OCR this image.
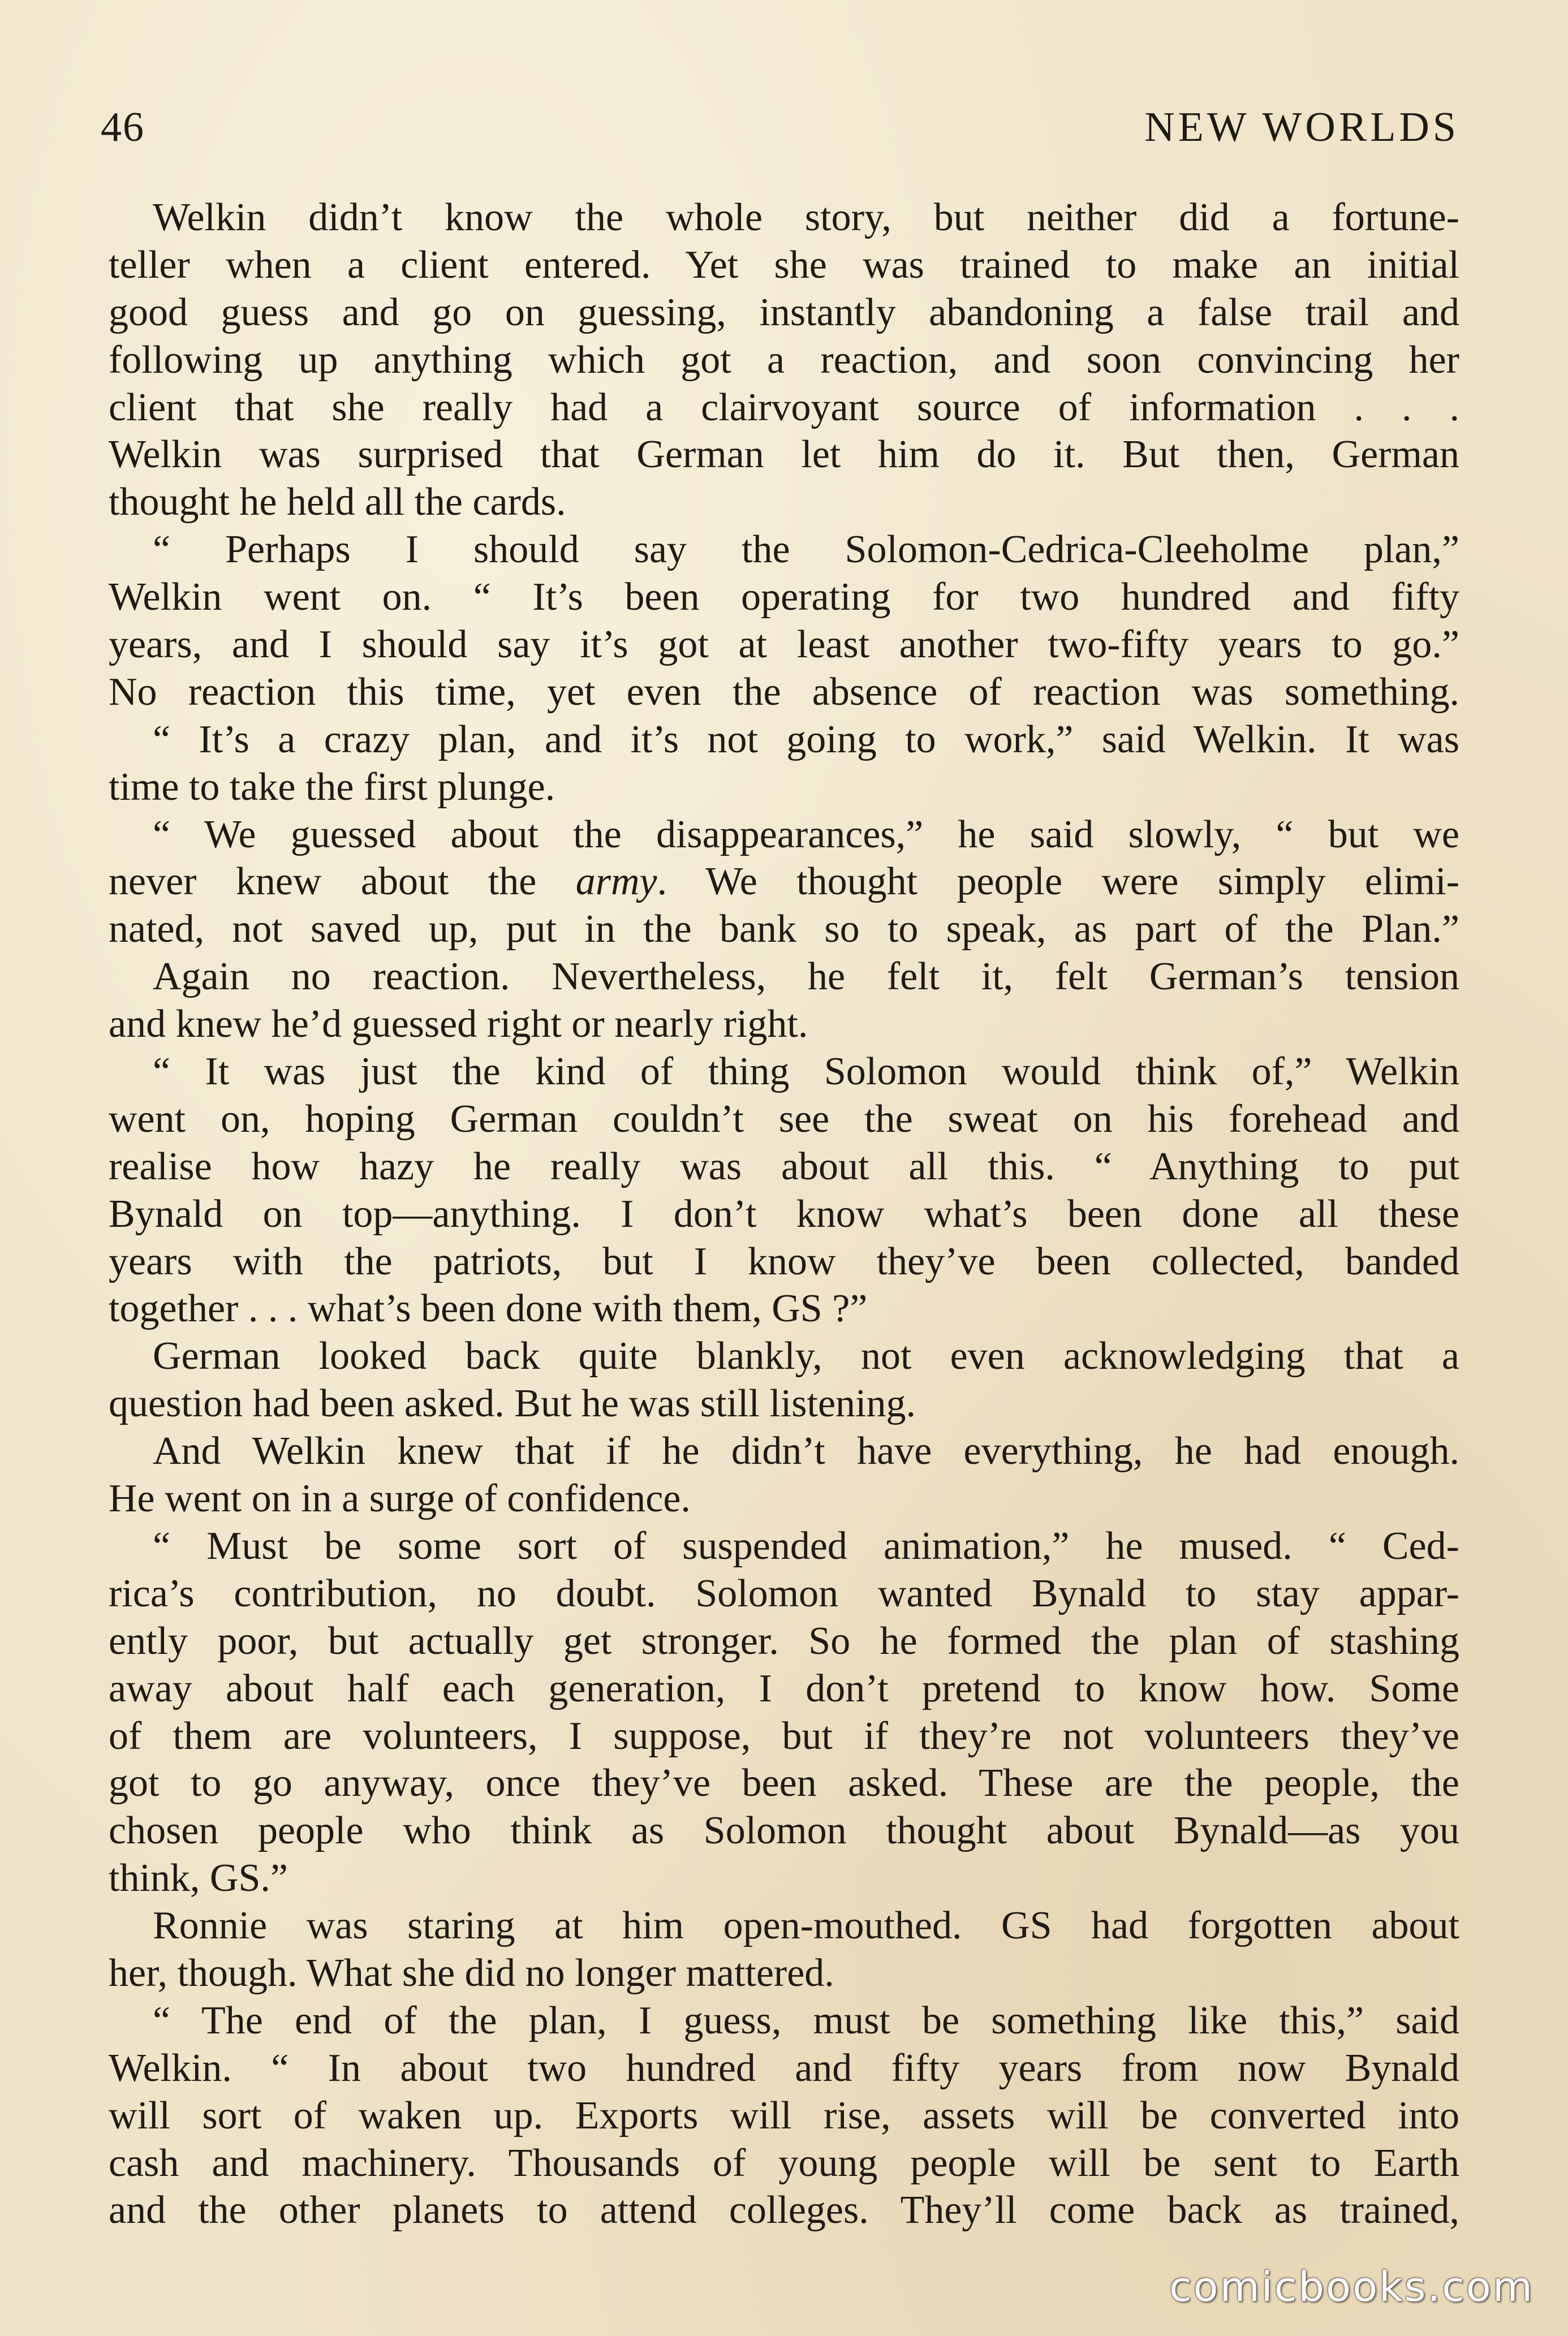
46	NEW WORLDS
Welkin didn’t know the whole story, but neither did a fortune-
teller when a client entered. Yet she was trained to make an initial
good guess and go on guessing, instantly abandoning a false trail and
following up anything which got a reaction, and soon convincing her
client that she really had a clairvoyant source of information . . .
Welkin was surprised that German let him do it. But then, German
thought he held all the cards.
“ Perhaps I should say the Solomon-Cedrica-Cleeholme plan,”
Welkin went on. “ It’s been operating for two hundred and fifty
years, and I should say it’s got at least another two-fifty years to go.”
No reaction this time, yet even the absence of reaction was something.
“ It’s a crazy plan, and it’s not going to work,” said Welkin. It was
time to take the first plunge.
“ We guessed about the disappearances,” he said slowly, “ but we
never knew about the army. We thought people were simply elimi-
nated, not saved up, put in the bank so to speak, as part of the Plan.”
Again no reaction. Nevertheless, he felt it, felt German’s tension
and knew he’d guessed right or nearly right.
“ It was just the kind of thing Solomon would think of,” Welkin
went on, hoping German couldn’t see the sweat on his forehead and
realise how hazy he really was about all this. “ Anything to put
Bynald on top—anything. I don’t know what’s been done all these
years with the patriots, but I know they’ve been collected, banded
together . . . what’s been done with them, GS ?”
German looked back quite blankly, not even acknowledging that a
question had been asked. But he was still listening.
And Welkin knew that if he didn’t have everything, he had enough.
He went on in a surge of confidence.
“ Must be some sort of suspended animation,” he mused. “ Ced-
rica’s contribution, no doubt. Solomon wanted Bynald to stay appar-
ently poor, but actually get stronger. So he formed the plan of stashing
away about half each generation, I don’t pretend to know how. Some
of them are volunteers, I suppose, but if they’re not volunteers they’ve
got to go anyway, once they’ve been asked. These are the people, the
chosen people who think as Solomon thought about Bynald—as you
think, GS.”
Ronnie was staring at him open-mouthed. GS had forgotten about
her, though. What she did no longer mattered.
“ The end of the plan, I guess, must be something like this,” said
Welkin. “ In about two hundred and fifty years from now Bynald
will sort of waken up. Exports will rise, assets will be converted into
cash and machinery. Thousands of young people will be sent to Earth
and the other planets to attend colleges. They’ll come back as trained,
comicbooks.com
